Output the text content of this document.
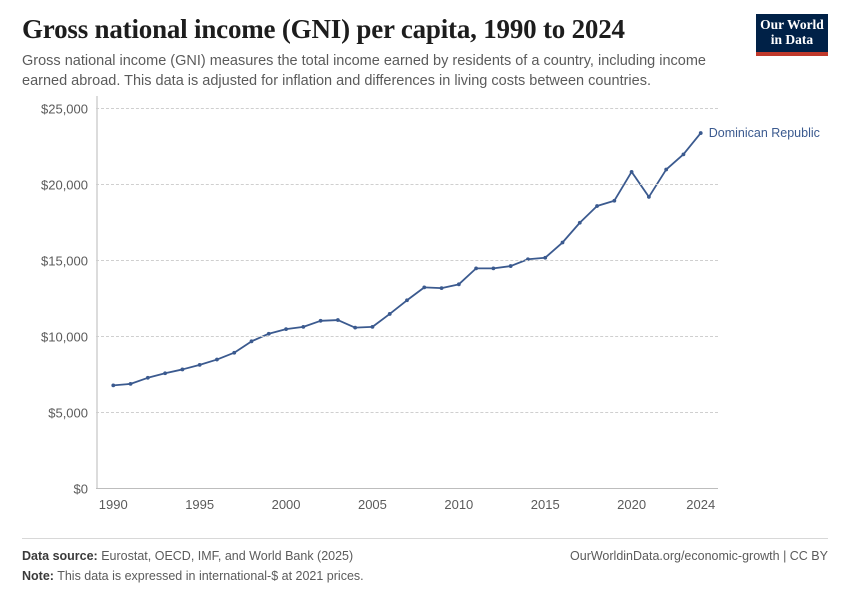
Gross national income (GNI) per capita, 1990 to 2024

Gross national income (GNI) measures the total income earned by residents of a country, including income earned abroad. This data is adjusted for inflation and differences in living costs between countries.

Our World
in Data
$0
$5,000
$10,000
$15,000
$20,000
$25,000
1990	1995	2000	2005	2010	2015	2020	2024
Dominican Republic
Data source: Eurostat, OECD, IMF, and World Bank (2025)	OurWorldinData.org/economic-growth | CC BY
Note: This data is expressed in international-$ at 2021 prices.
